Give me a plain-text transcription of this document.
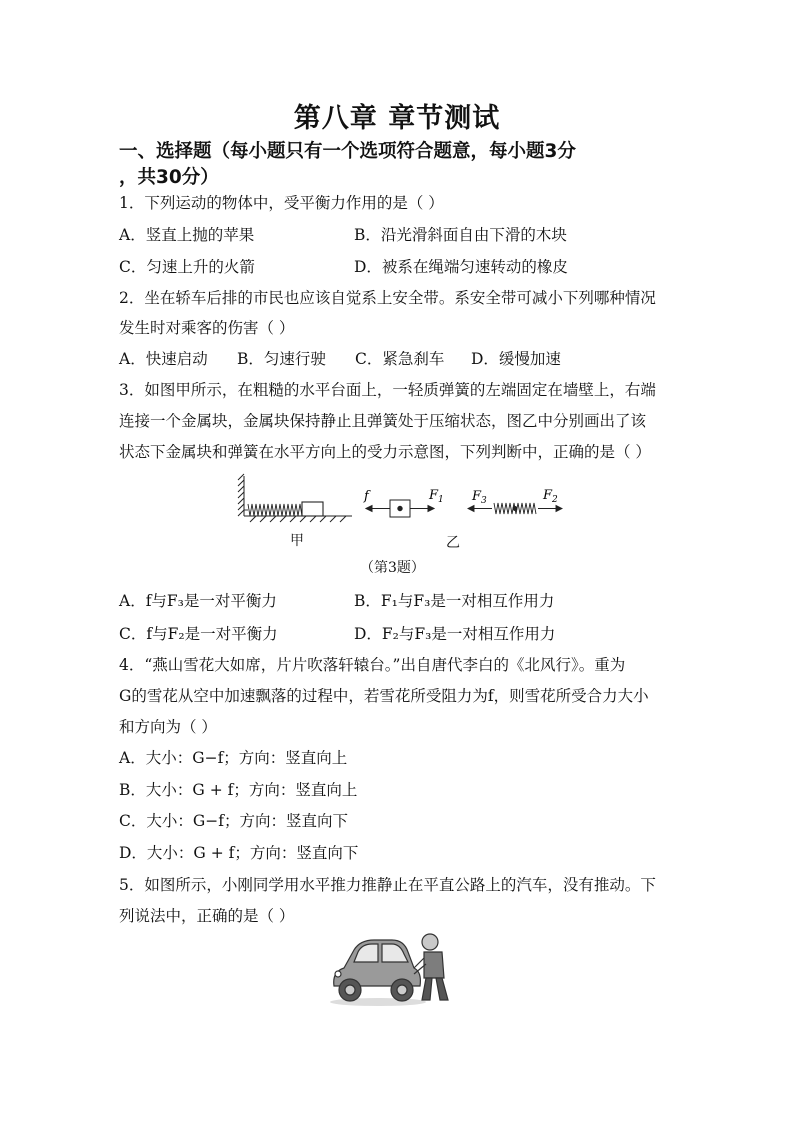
第八章 章节测试
一、选择题（每小题只有一个选项符合题意，每小题3分
，共30分）
1．下列运动的物体中，受平衡力作用的是（ ）
A．竖直上抛的苹果	B．沿光滑斜面自由下滑的木块
C．匀速上升的火箭	D．被系在绳端匀速转动的橡皮
2．坐在轿车后排的市民也应该自觉系上安全带。系安全带可减小下列哪种情况
发生时对乘客的伤害（ ）
A．快速启动 B．匀速行驶 C．紧急刹车 D．缓慢加速
3．如图甲所示，在粗糙的水平台面上，一轻质弹簧的左端固定在墙壁上，右端
连接一个金属块，金属块保持静止且弹簧处于压缩状态，图乙中分别画出了该
状态下金属块和弹簧在水平方向上的受力示意图，下列判断中，正确的是（ ）
f	$F_1$ $F_3$	$F_2$
甲	乙
（第3题）
A．f与F₃是一对平衡力	B．F₁与F₃是一对相互作用力
C．f与F₂是一对平衡力	D．F₂与F₃是一对相互作用力
4．“燕山雪花大如席，片片吹落轩辕台。”出自唐代李白的《北风行》。重为
G的雪花从空中加速飘落的过程中，若雪花所受阻力为f，则雪花所受合力大小
和方向为（ ）
A．大小：G−f；方向：竖直向上
B．大小：G + f；方向：竖直向上
C．大小：G−f；方向：竖直向下
D．大小：G + f；方向：竖直向下
5．如图所示，小刚同学用水平推力推静止在平直公路上的汽车，没有推动。下
列说法中，正确的是（ ）
